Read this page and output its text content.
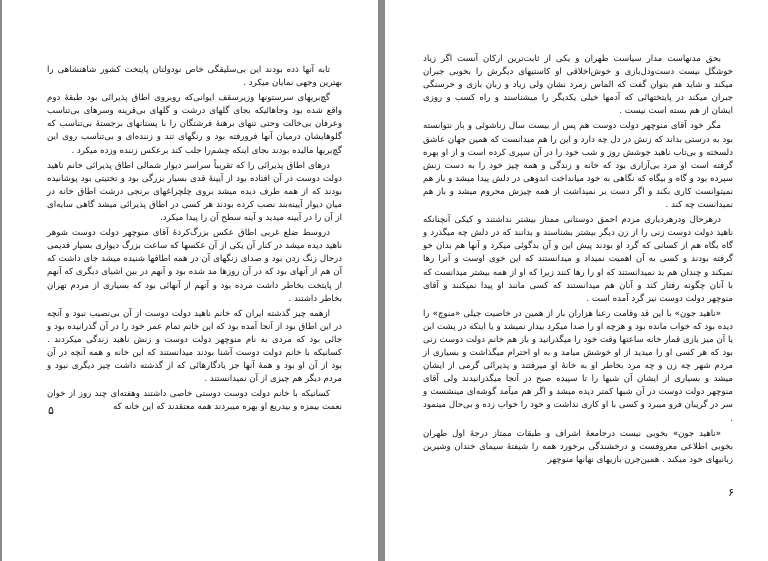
تابه آنها ذده بودند این بی‌سلیقگی خاص نودولتان پایتخت کشور شاهنشاهی را بهترین وجهی نمایان میکرد .

گچ‌بریهای سرستونها وزیرسقف ایوانی‌که روبروی اطاق پذیرائی بود طبقهٔ دوم واقع شده بود وجاهائیکه بجای گلهای درشت و گلهای بی‌قرینه وسرهای بی‌تناسب وعرفان بی‌خالت وحتی تنهای برهنهٔ فرشتگان را با پستانهای برجستهٔ بی‌تناسب که گلوهایشان درمیان آنها فرورفته بود و رنگهای تند و زننده‌ای و بی‌تناسب روی این گچ‌بریها مالیده بودند بجای اینکه چشم‌را جلب کند برعکس زننده وزده میکرد .

درهای اطاق پذیرائی را که تقریباً سراسر دیوار شمالی اطاق پذیرائی خانم ناهید دولت دوست در آن افتاده بود از آیینهٔ قدی بسیار بزرگی بود و تختیتی بود پوشانیده بودند که از همه طرف دیده میشد بروی چلچراغهای برنجی درشت اطاق خانه در میان دیوار آیینه‌بند نصب کرده بودند هر کسی در اطاق پذیرائی میشد گاهی سایه‌ای از آن را در آیینه میدید و آینه سطح آن را پیدا میکرد.

دروسط ضلع غربی اطاق عکس بزرگ‌کردهٔ آقای منوچهر دولت دوست شوهر ناهید دیده میشد در کنار آن یکی از آن عکسها که ساعت بزرگ دیواری بسیار قدیمی درحال زنگ زدن بود و صدای زنگهای آن در همه اطاقها شنیده میشد جای داشت که آن هم از آنهای بود که در آن روزها مد شده بود و آنهم در بین اشیای دیگری که آنهم از پایتخت بخاطر داشت مرده بود و آنهم از آنهائی بود که بسیاری از مردم تهران بخاطر داشتند .

ازهمه چیز گذشته ایران که خانم ناهید دولت دوست از آن بی‌نصیب نبود و آنچه در این اطاق بود از آنجا آمده بود که این خانم تمام عمر خود را در آن گذرانیده بود و جائی بود که مردی به نام منوچهر دولت دوست و زنش ناهید زندگی میکردند . کسانیکه با خانم دولت دوست آشنا بودند میدانستند که این خانه و همه آنچه در آن بود از آن او بود و همهٔ آنها جز یادگارهائی که از گذشته داشت چیز دیگری نبود و مردم دیگر هم چیزی از آن نمیدانستند .

کسانیکه با خانم دولت دوست دوستی خاصی داشتند وهفته‌ای چند روز از خوان نعمت بیمزه و بیدریغ او بهره میبردند همه معتقدند که این خانه که

۵

بحق مدنهاست مدار سیاست طهران و یکی از ثابت‌ترین ارکان آنست اگر زیاد خوشگل نیست دست‌ودل‌بازی و خوش‌اخلاقی او کاستیهای دیگرش را بخوبی جبران میکند و شاید هم بتوان گفت که الماس زمرد نشان ولی زیاد و زبان بازی و خرسنگی جبران میکند در پایتختهائی که آدمها خیلی یکدیگر را میشناسند و راه کسب و روزی ایشان از هم بسته است نیست .

مگر خود آقای منوچهر دولت دوست هم پس از بیست سال زناشوئی و باز نتوانسته بود به درستی بداند که زنش در دل چه دارد و این را هم میدانست که همین جهان عاشق دلسخته و بی‌تاب ناهید جوشش روز و شب خود را در آن سپری کرده است و از او بهره گرفته است او مرد بی‌آزاری بود که خانه و زندگی و همه چیز خود را به دست زنش سپرده بود و گاه و بیگاه که نگاهی به خود میانداخت اندوهی در دلش پیدا میشد و باز هم نمیتوانست کاری بکند و اگر دست بر نمیداشت از همه چیزش محروم میشد و باز هم نمیدانست چه کند .

درهرحال ودرهردیاری مردم احمق دوستانی ممتاز بیشتر نداشتند و کیکی آنچنانکه ناهید دولت دوست زنی را از زن دیگر بیشتر بشناسند و بدانند که در دلش چه میگذرد و گاه بگاه هم از کسانی که گرد او بودند پیش این و آن بدگوئی میکرد و آنها هم بدان خو گرفته بودند و کسی به آن اهمیت نمیداد و میدانستند که این خوی اوست و آنرا رها نمیکند و چندان هم بد نمیدانستند که او را رها کنند زیرا که او از همه بیشتر میدانست که با آنان چگونه رفتار کند و آنان هم میدانستند که کسی مانند او پیدا نمیکنند و آقای منوچهر دولت دوست نیز گرد آمده است .

«ناهید جون» با این قد وقامت رعنا هزاران بار از همین در خاصیت جیلی «منوچ» را دیده بود که خواب مانده بود و هرچه او را صدا میکرد بیدار نمیشد و یا اینکه در پشت این یا آن میز بازی قمار خانه ساعتها وقت خود را میگذرانید و باز هم خانم دولت دوست زنی بود که هر کسی او را میدید از او خوشش میامد و به او احترام میگذاشت و بسیاری از مردم شهر چه زن و چه مرد بخاطر او به خانهٔ او میرفتند و پذیرائی گرمی از ایشان میشد و بسیاری از ایشان آن شبها را تا سپیده صبح در آنجا میگذرانیدند ولی آقای منوچهر دولت دوست در آن شبها کمتر دیده میشد و اگر هم میآمد گوشه‌ای مینشست و سر در گریبان فرو میبرد و کسی با او کاری نداشت و خود را خواب زده و بی‌حال مینمود .

«ناهید جون» بخوبی نیست درجامعهٔ اشراف و طبقات ممتاز درجهٔ اول طهران بخوبی اطلاعی معروفست و درخشندگی برخورد همه را شیفتهٔ سیمای خندان وشیرین زبانیهای خود میکند . همین‌جرن بازیهای نهانها منوچهر

۶
